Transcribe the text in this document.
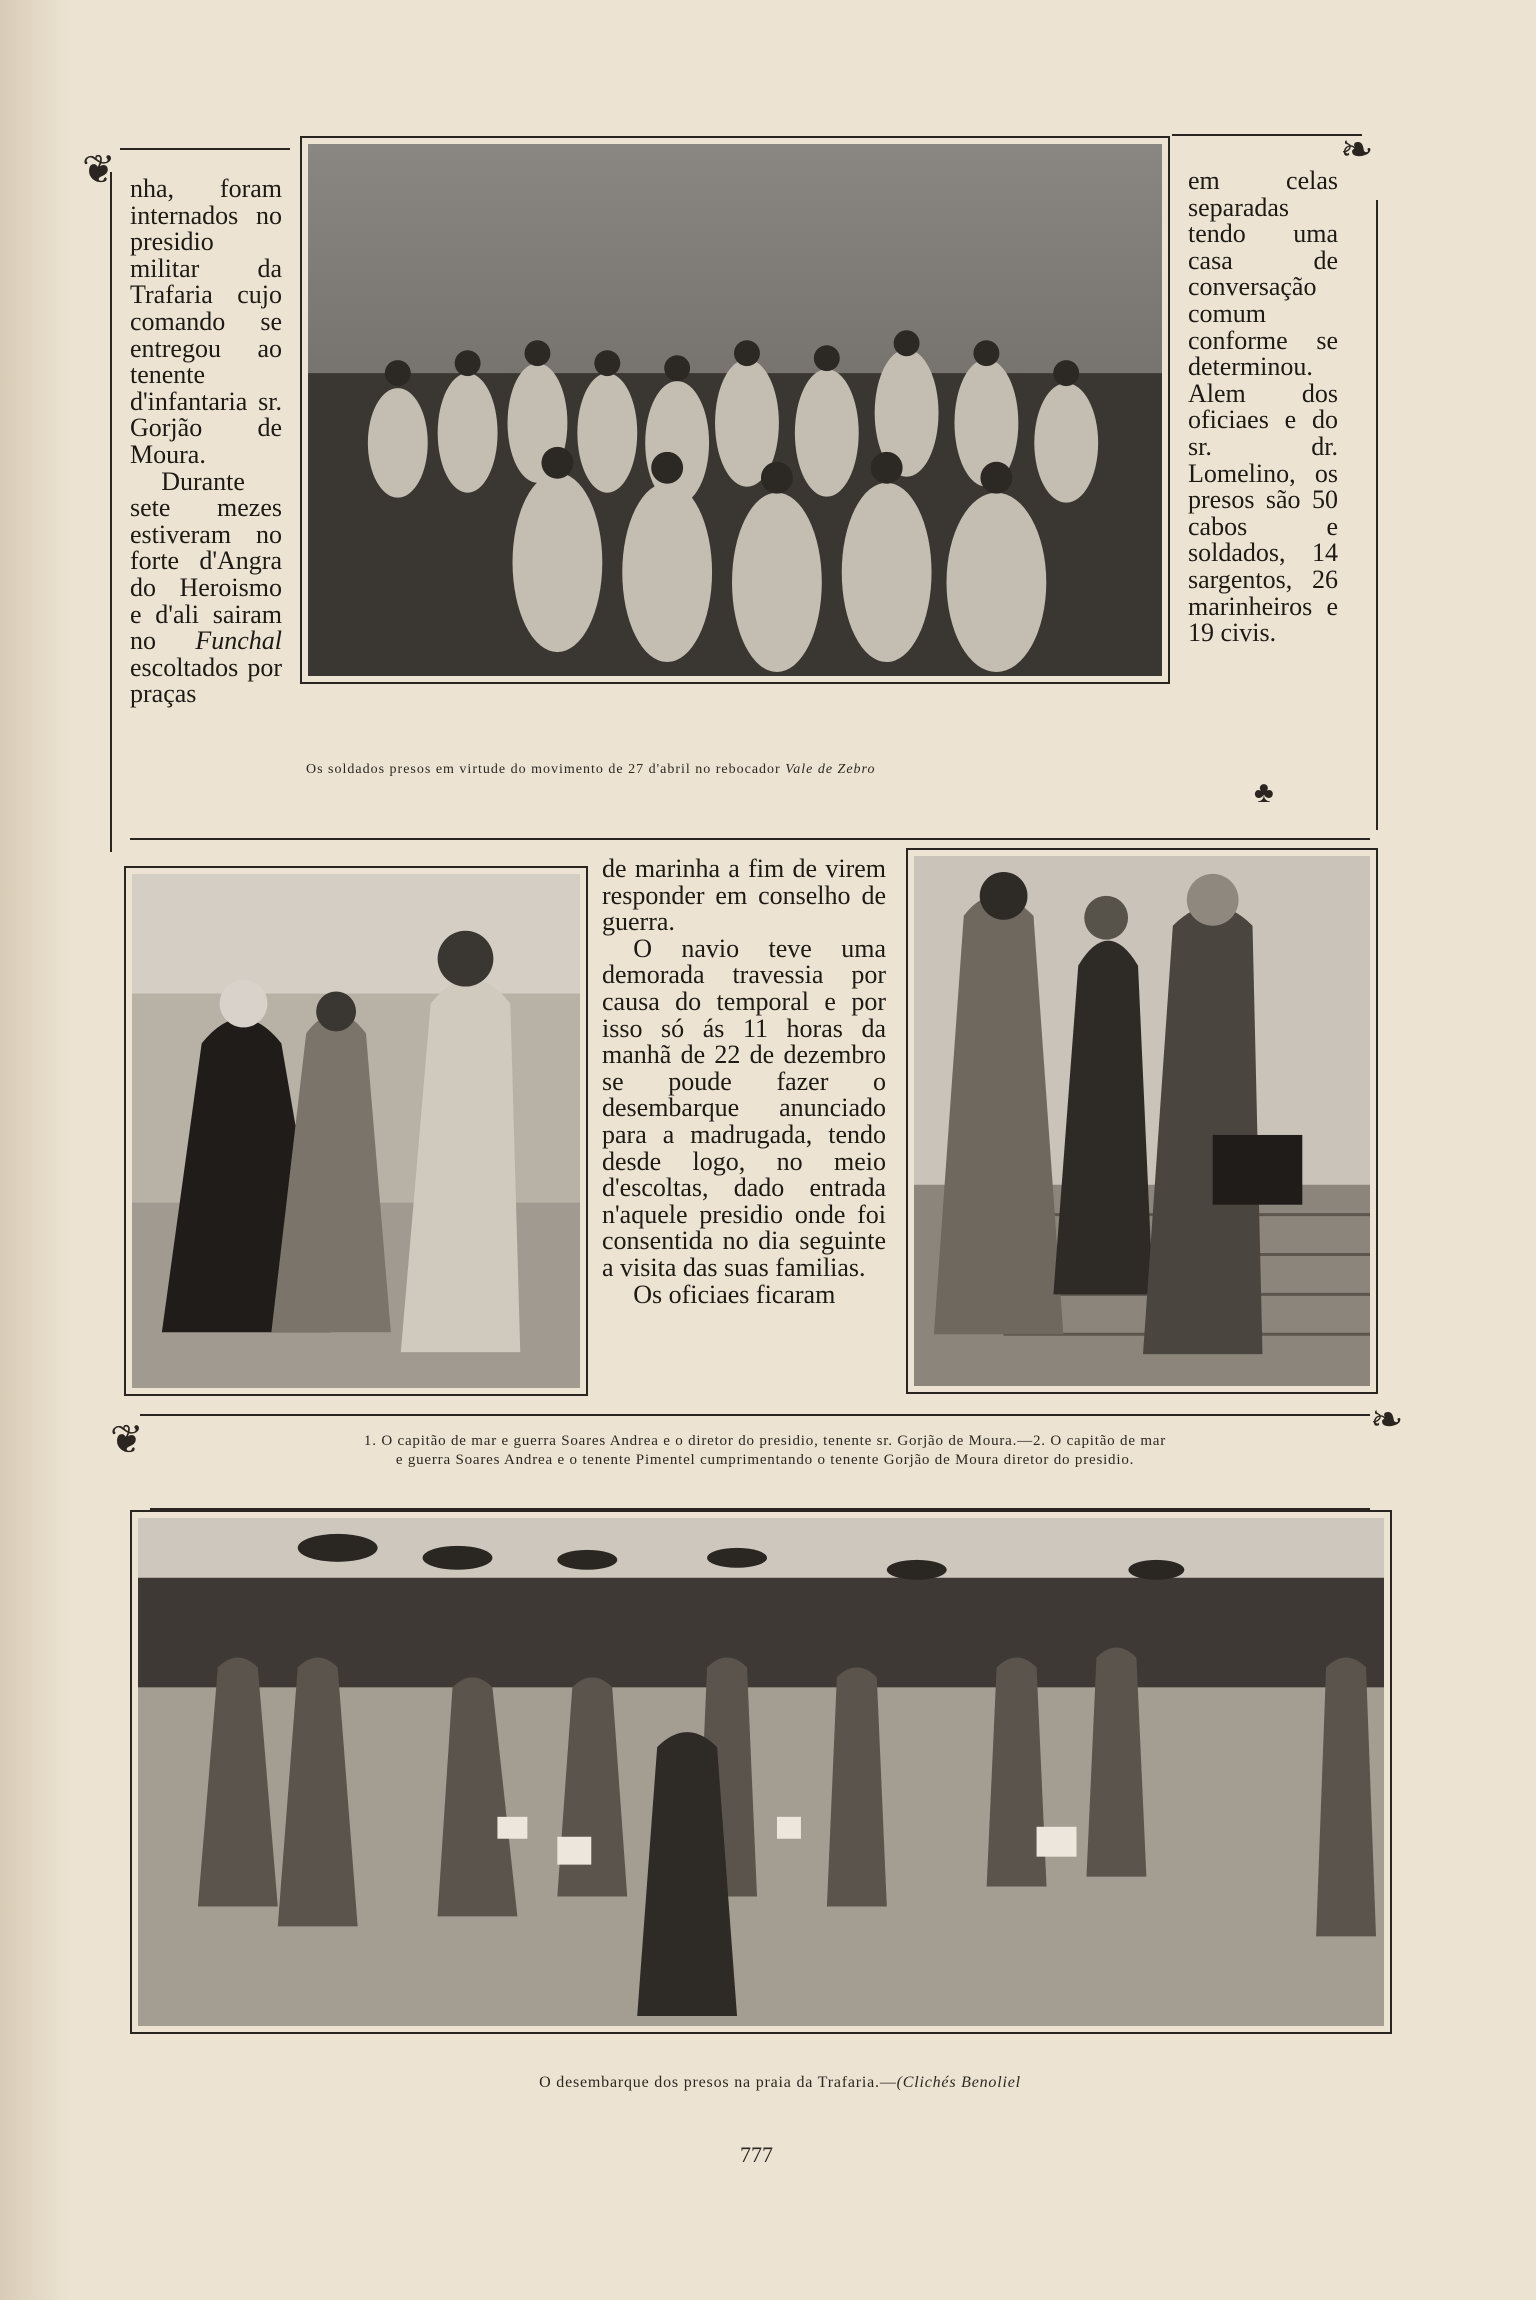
❦	❧

nha, foram internados no presidio militar da Trafaria cujo comando se entregou ao tenente d'infantaria sr. Gorjão de Moura.

Durante sete mezes estiveram no forte d'Angra do Heroismo e d'ali sairam no Funchal escoltados por praças

Os soldados presos em virtude do movimento de 27 d'abril no rebocador Vale de Zebro

em celas separadas tendo uma casa de conversação comum conforme se determinou. Alem dos oficiaes e do sr. dr. Lomelino, os presos são 50 cabos e soldados, 14 sargentos, 26 marinheiros e 19 civis.

♣

de marinha a fim de virem responder em conselho de guerra.

O navio teve uma demorada travessia por causa do temporal e por isso só ás 11 horas da manhã de 22 de dezembro se poude fazer o desembarque anunciado para a madrugada, tendo desde logo, no meio d'escoltas, dado entrada n'aquele presidio onde foi consentida no dia seguinte a visita das suas familias.

Os oficiaes ficaram

❦	❧
1. O capitão de mar e guerra Soares Andrea e o diretor do presidio, tenente sr. Gorjão de Moura.—2. O capitão de mar
e guerra Soares Andrea e o tenente Pimentel cumprimentando o tenente Gorjão de Moura diretor do presidio.
O desembarque dos presos na praia da Trafaria.—(Clichés Benoliel
777
